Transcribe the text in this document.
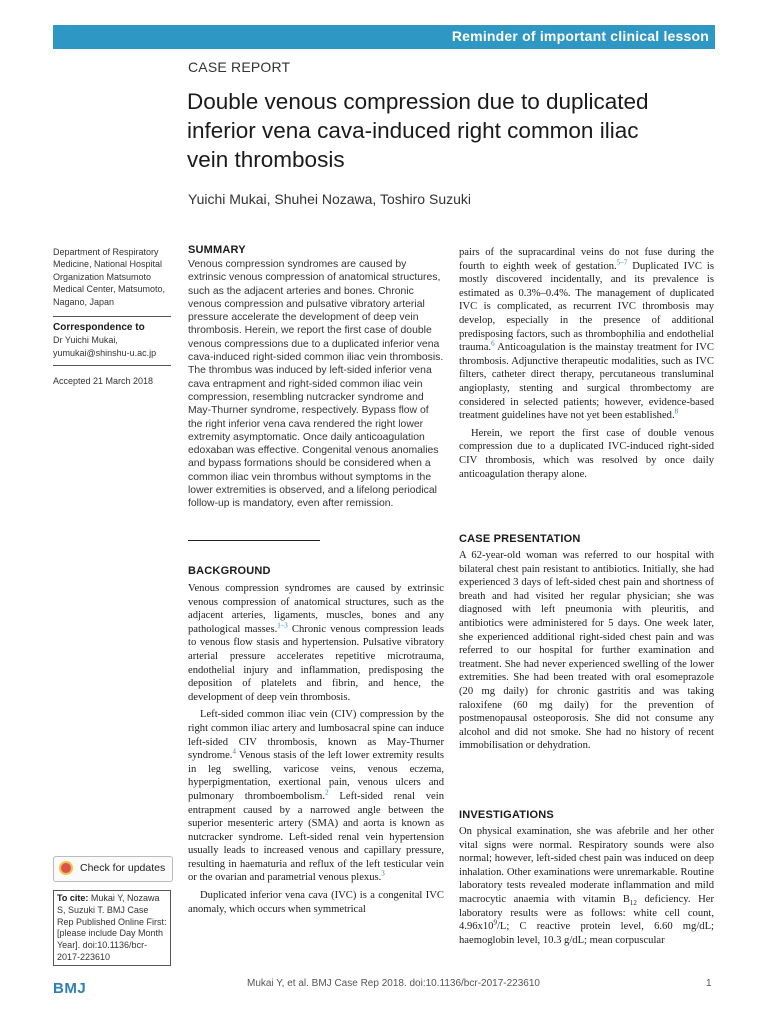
Reminder of important clinical lesson
CASE REPORT
Double venous compression due to duplicated inferior vena cava-induced right common iliac vein thrombosis
Yuichi Mukai, Shuhei Nozawa, Toshiro Suzuki
Department of Respiratory Medicine, National Hospital Organization Matsumoto Medical Center, Matsumoto, Nagano, Japan
Correspondence to
Dr Yuichi Mukai,
yumukai@shinshu-u.ac.jp
Accepted 21 March 2018
SUMMARY
Venous compression syndromes are caused by extrinsic venous compression of anatomical structures, such as the adjacent arteries and bones. Chronic venous compression and pulsative vibratory arterial pressure accelerate the development of deep vein thrombosis. Herein, we report the first case of double venous compressions due to a duplicated inferior vena cava-induced right-sided common iliac vein thrombosis. The thrombus was induced by left-sided inferior vena cava entrapment and right-sided common iliac vein compression, resembling nutcracker syndrome and May-Thurner syndrome, respectively. Bypass flow of the right inferior vena cava rendered the right lower extremity asymptomatic. Once daily anticoagulation edoxaban was effective. Congenital venous anomalies and bypass formations should be considered when a common iliac vein thrombus without symptoms in the lower extremities is observed, and a lifelong periodical follow-up is mandatory, even after remission.
BACKGROUND

Venous compression syndromes are caused by extrinsic venous compression of anatomical structures, such as the adjacent arteries, ligaments, muscles, bones and any pathological masses.$^{1-3}$ Chronic venous compression leads to venous flow stasis and hypertension. Pulsative vibratory arterial pressure accelerates repetitive microtrauma, endothelial injury and inflammation, predisposing the deposition of platelets and fibrin, and hence, the development of deep vein thrombosis.

Left-sided common iliac vein (CIV) compression by the right common iliac artery and lumbosacral spine can induce left-sided CIV thrombosis, known as May-Thurner syndrome.$^4$ Venous stasis of the left lower extremity results in leg swelling, varicose veins, venous eczema, hyperpigmentation, exertional pain, venous ulcers and pulmonary thromboembolism.$^2$ Left-sided renal vein entrapment caused by a narrowed angle between the superior mesenteric artery (SMA) and aorta is known as nutcracker syndrome. Left-sided renal vein hypertension usually leads to increased venous and capillary pressure, resulting in haematuria and reflux of the left testicular vein or the ovarian and parametrial venous plexus.$^3$

Duplicated inferior vena cava (IVC) is a congenital IVC anomaly, which occurs when symmetrical

pairs of the supracardinal veins do not fuse during the fourth to eighth week of gestation.$^{5-7}$ Duplicated IVC is mostly discovered incidentally, and its prevalence is estimated as 0.3%–0.4%. The management of duplicated IVC is complicated, as recurrent IVC thrombosis may develop, especially in the presence of additional predisposing factors, such as thrombophilia and endothelial trauma.$^6$ Anticoagulation is the mainstay treatment for IVC thrombosis. Adjunctive therapeutic modalities, such as IVC filters, catheter direct therapy, percutaneous transluminal angioplasty, stenting and surgical thrombectomy are considered in selected patients; however, evidence-based treatment guidelines have not yet been established.$^8$

Herein, we report the first case of double venous compression due to a duplicated IVC-induced right-sided CIV thrombosis, which was resolved by once daily anticoagulation therapy alone.

CASE PRESENTATION

A 62-year-old woman was referred to our hospital with bilateral chest pain resistant to antibiotics. Initially, she had experienced 3 days of left-sided chest pain and shortness of breath and had visited her regular physician; she was diagnosed with left pneumonia with pleuritis, and antibiotics were administered for 5 days. One week later, she experienced additional right-sided chest pain and was referred to our hospital for further examination and treatment. She had never experienced swelling of the lower extremities. She had been treated with oral esomeprazole (20 mg daily) for chronic gastritis and was taking raloxifene (60 mg daily) for the prevention of postmenopausal osteoporosis. She did not consume any alcohol and did not smoke. She had no history of recent immobilisation or dehydration.

INVESTIGATIONS

On physical examination, she was afebrile and her other vital signs were normal. Respiratory sounds were also normal; however, left-sided chest pain was induced on deep inhalation. Other examinations were unremarkable. Routine laboratory tests revealed moderate inflammation and mild macrocytic anaemia with vitamin $B_{12}$ deficiency. Her laboratory results were as follows: white cell count, $4.96x10^9/L$; C reactive protein level, 6.60 mg/dL; haemoglobin level, 10.3 g/dL; mean corpuscular

Check for updates
To cite: Mukai Y, Nozawa S, Suzuki T. BMJ Case Rep Published Online First: [please include Day Month Year]. doi:10.1136/bcr-2017-223610
BMJ	Mukai Y, et al. BMJ Case Rep 2018. doi:10.1136/bcr-2017-223610	1
